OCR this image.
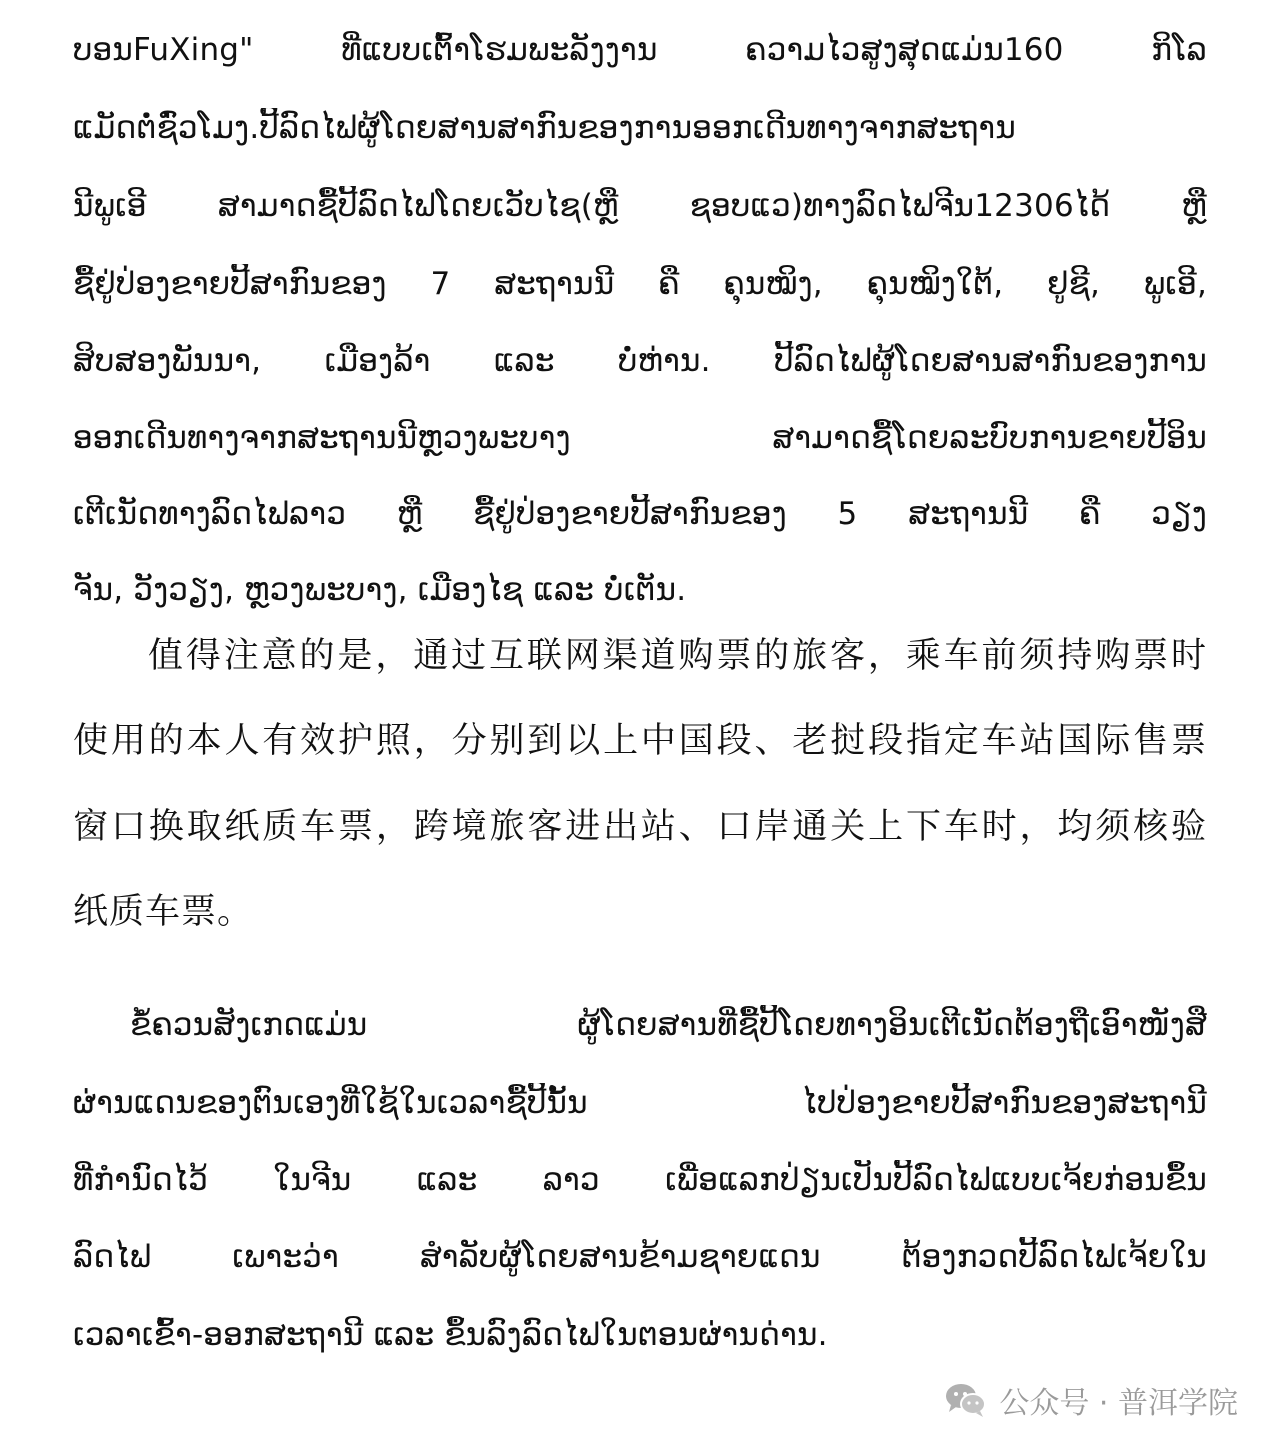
ບອນFuXing" ທີ່ແບບເຕົ້າໂຮມພະລັງງານ ຄວາມໄວສູງສຸດແມ່ນ160 ກິໂລ
ແມັດຕໍ່ຊົ່ວໂມງ.ປີ້ລົດໄຟຜູ້ໂດຍສານສາກົນຂອງການອອກເດີນທາງຈາກສະຖານ
ນີພູເອີ ສາມາດຊື້ປີ້ລົດໄຟໂດຍເວັບໄຊ(ຫຼື ຊອບແວ)ທາງລົດໄຟຈີນ12306ໄດ້ ຫຼື
ຊື້ຢູ່ປ່ອງຂາຍປີ້ສາກົນຂອງ 7 ສະຖານນີ ຄື ຄຸນໝິງ, ຄຸນໝິງໃຕ້, ຢູຊີ, ພູເອີ,
ສິບສອງພັນນາ, ເມືອງລ້າ ແລະ ບໍ່ຫ່ານ. ປີ້ລົດໄຟຜູ້ໂດຍສານສາກົນຂອງການ
ອອກເດີນທາງຈາກສະຖານນີຫຼວງພະບາງ ສາມາດຊື້ໂດຍລະບົບການຂາຍປີ້ອິນ
ເຕີເນັດທາງລົດໄຟລາວ ຫຼື ຊື້ຢູ່ປ່ອງຂາຍປີ້ສາກົນຂອງ 5 ສະຖານນີ ຄື ວຽງ
ຈັນ, ວັງວຽງ, ຫຼວງພະບາງ, ເມືອງໄຊ ແລະ ບໍ່ເຕັນ.
值得注意的是，通过互联网渠道购票的旅客，乘车前须持购票时
使用的本人有效护照，分别到以上中国段、老挝段指定车站国际售票
窗口换取纸质车票，跨境旅客进出站、口岸通关上下车时，均须核验
纸质车票。
ຂໍ້ຄວນສັງເກດແມ່ນ ຜູ້ໂດຍສານທີ່ຊື້ປີ້ໂດຍທາງອິນເຕີເນັດຕ້ອງຖືເອົາໜັງສື
ຜ່ານແດນຂອງຕົນເອງທີ່ໃຊ້ໃນເວລາຊື້ປີ້ນັ້ນ ໄປປ່ອງຂາຍປີ້ສາກົນຂອງສະຖານີ
ທີ່ກຳນົດໄວ້ ໃນຈີນ ແລະ ລາວ ເພື່ອແລກປ່ຽນເປັນປີ້ລົດໄຟແບບເຈ້ຍກ່ອນຂຶ້ນ
ລົດໄຟ ເພາະວ່າ ສຳລັບຜູ້ໂດຍສານຂ້າມຊາຍແດນ ຕ້ອງກວດປີ້ລົດໄຟເຈ້ຍໃນ
ເວລາເຂົ້າ-ອອກສະຖານີ ແລະ ຂຶ້ນລົງລົດໄຟໃນຕອນຜ່ານດ່ານ.
公众号 · 普洱学院
